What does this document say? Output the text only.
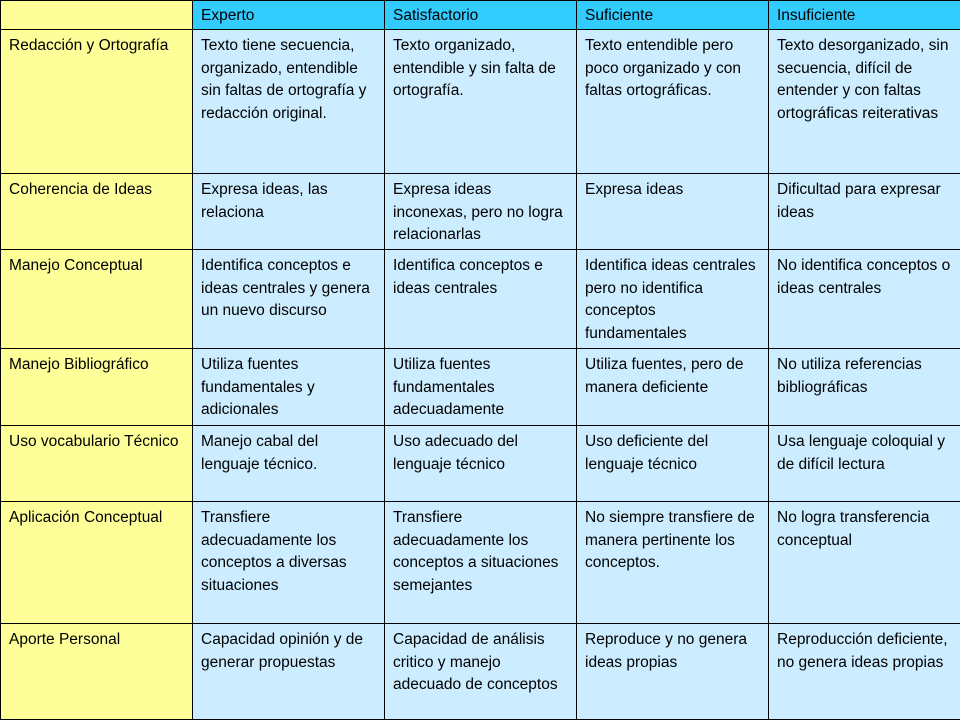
	Experto	Satisfactorio	Suficiente	Insuficiente
Redacción y Ortografía	Texto tiene secuencia, organizado, entendible sin faltas de ortografía y redacción original.	Texto organizado, entendible y sin falta de ortografía.	Texto entendible pero poco organizado y con faltas ortográficas.	Texto desorganizado, sin secuencia, difícil de entender y con faltas ortográficas reiterativas
Coherencia de Ideas	Expresa ideas, las relaciona	Expresa ideas inconexas, pero no logra relacionarlas	Expresa ideas	Dificultad para expresar ideas
Manejo Conceptual	Identifica conceptos e ideas centrales y genera un nuevo discurso	Identifica conceptos e ideas centrales	Identifica ideas centrales pero no identifica conceptos fundamentales	No identifica conceptos o ideas centrales
Manejo Bibliográfico	Utiliza fuentes fundamentales y adicionales	Utiliza fuentes fundamentales adecuadamente	Utiliza fuentes, pero de manera deficiente	No utiliza referencias bibliográficas
Uso vocabulario Técnico	Manejo cabal del lenguaje técnico.	Uso adecuado del lenguaje técnico	Uso deficiente del lenguaje técnico	Usa lenguaje coloquial y de difícil lectura
Aplicación Conceptual	Transfiere adecuadamente los conceptos a diversas situaciones	Transfiere adecuadamente los conceptos a situaciones semejantes	No siempre transfiere de manera pertinente los conceptos.	No logra transferencia conceptual
Aporte Personal	Capacidad opinión y de generar propuestas	Capacidad de análisis critico y manejo adecuado de conceptos	Reproduce y no genera ideas propias	Reproducción deficiente, no genera ideas propias
